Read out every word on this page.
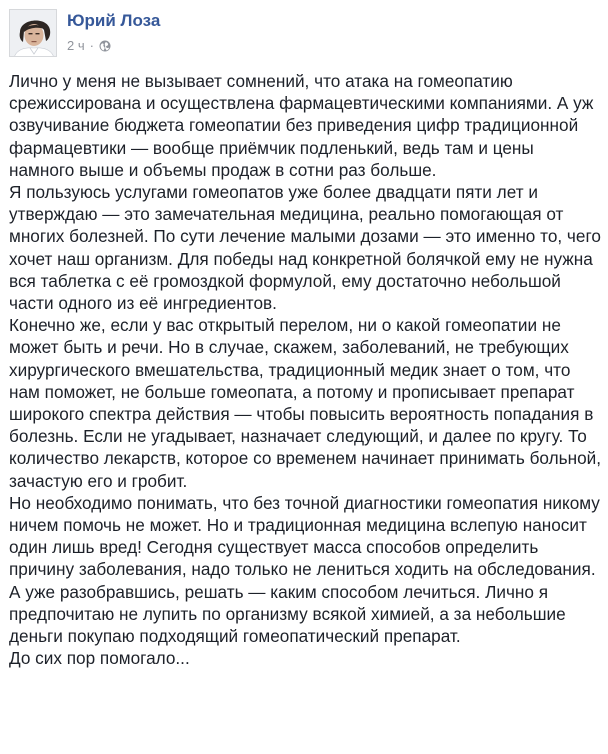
Юрий Лоза
2 ч ·

Лично у меня не вызывает сомнений, что атака на гомеопатию срежиссирована и осуществлена фармацевтическими компаниями. А уж озвучивание бюджета гомеопатии без приведения цифр традиционной фармацевтики — вообще приёмчик подленький, ведь там и цены намного выше и объемы продаж в сотни раз больше.

Я пользуюсь услугами гомеопатов уже более двадцати пяти лет и утверждаю — это замечательная медицина, реально помогающая от многих болезней. По сути лечение малыми дозами — это именно то, чего хочет наш организм. Для победы над конкретной болячкой ему не нужна вся таблетка с её громоздкой формулой, ему достаточно небольшой части одного из её ингредиентов.

Конечно же, если у вас открытый перелом, ни о какой гомеопатии не может быть и речи. Но в случае, скажем, заболеваний, не требующих хирургического вмешательства, традиционный медик знает о том, что нам поможет, не больше гомеопата, а потому и прописывает препарат широкого спектра действия — чтобы повысить вероятность попадания в болезнь. Если не угадывает, назначает следующий, и далее по кругу. То количество лекарств, которое со временем начинает принимать больной, зачастую его и гробит.

Но необходимо понимать, что без точной диагностики гомеопатия никому ничем помочь не может. Но и традиционная медицина вслепую наносит один лишь вред! Сегодня существует масса способов определить причину заболевания, надо только не лениться ходить на обследования. А уже разобравшись, решать — каким способом лечиться. Лично я предпочитаю не лупить по организму всякой химией, а за небольшие деньги покупаю подходящий гомеопатический препарат.

До сих пор помогало...
